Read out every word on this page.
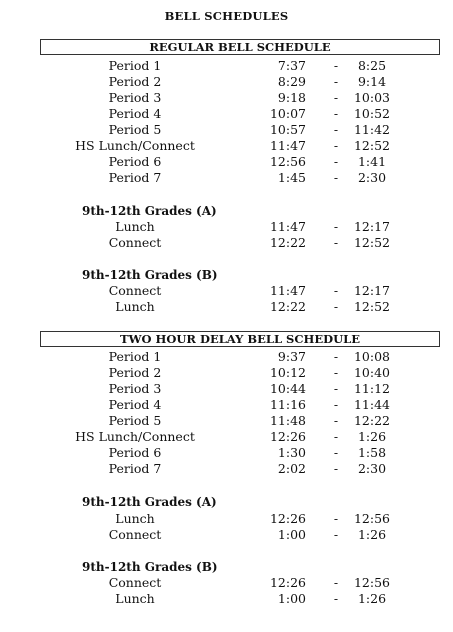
BELL SCHEDULES
REGULAR BELL SCHEDULE
Period 1	7:37	-	8:25
Period 2	8:29	-	9:14
Period 3	9:18	-	10:03
Period 4	10:07	-	10:52
Period 5	10:57	-	11:42
HS Lunch/Connect	11:47	-	12:52
Period 6	12:56	-	1:41
Period 7	1:45	-	2:30
9th-12th Grades (A)
Lunch	11:47	-	12:17
Connect	12:22	-	12:52
9th-12th Grades (B)
Connect	11:47	-	12:17
Lunch	12:22	-	12:52
TWO HOUR DELAY BELL SCHEDULE
Period 1	9:37	-	10:08
Period 2	10:12	-	10:40
Period 3	10:44	-	11:12
Period 4	11:16	-	11:44
Period 5	11:48	-	12:22
HS Lunch/Connect	12:26	-	1:26
Period 6	1:30	-	1:58
Period 7	2:02	-	2:30
9th-12th Grades (A)
Lunch	12:26	-	12:56
Connect	1:00	-	1:26
9th-12th Grades (B)
Connect	12:26	-	12:56
Lunch	1:00	-	1:26
